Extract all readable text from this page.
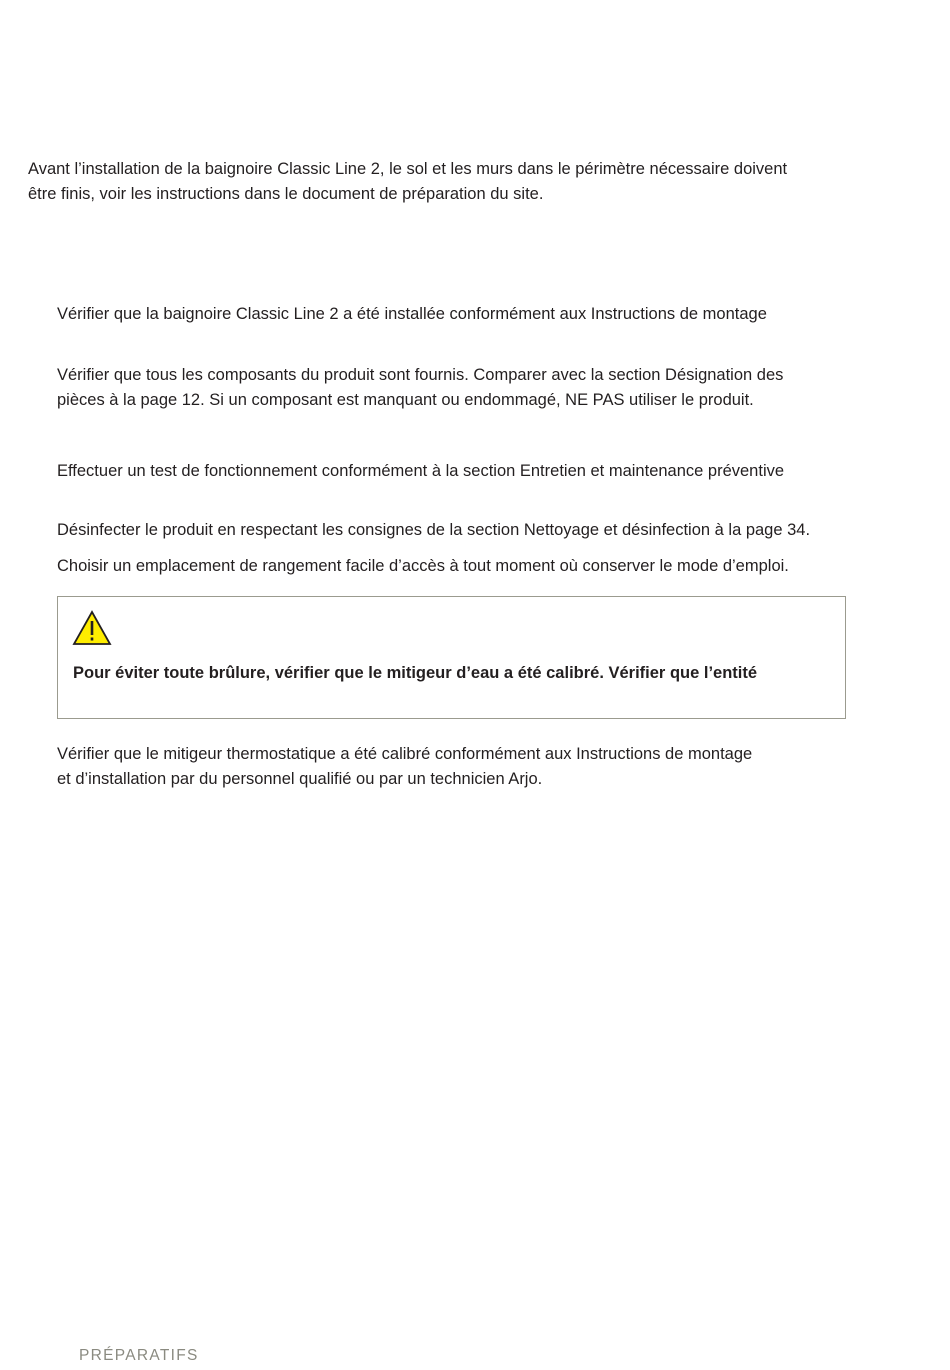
Avant l’installation de la baignoire Classic Line 2, le sol et les murs dans le périmètre nécessaire doivent
être finis, voir les instructions dans le document de préparation du site.
Vérifier que la baignoire Classic Line 2 a été installée conformément aux Instructions de montage
Vérifier que tous les composants du produit sont fournis. Comparer avec la section Désignation des
pièces à la page 12. Si un composant est manquant ou endommagé, NE PAS utiliser le produit.
Effectuer un test de fonctionnement conformément à la section Entretien et maintenance préventive
Désinfecter le produit en respectant les consignes de la section Nettoyage et désinfection à la page 34.
Choisir un emplacement de rangement facile d’accès à tout moment où conserver le mode d’emploi.

Pour éviter toute brûlure, vérifier que le mitigeur d’eau a été calibré. Vérifier que l’entité

Vérifier que le mitigeur thermostatique a été calibré conformément aux Instructions de montage
et d’installation par du personnel qualifié ou par un technicien Arjo.

PRÉPARATIFS
